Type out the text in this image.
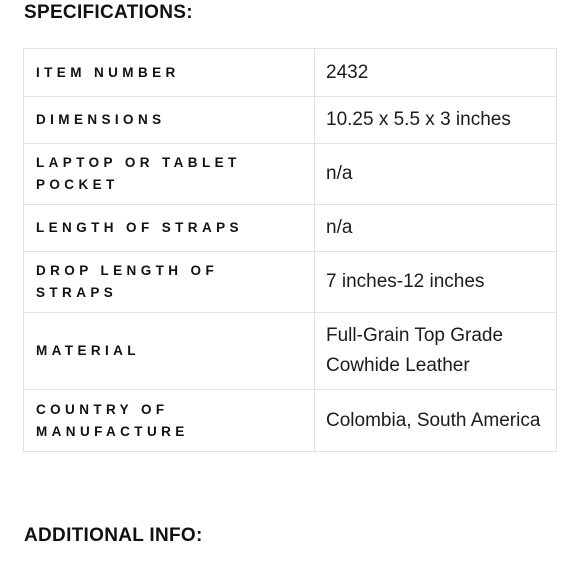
SPECIFICATIONS:
ITEM NUMBER	2432
DIMENSIONS	10.25 x 5.5 x 3 inches
LAPTOP OR TABLET POCKET	n/a
LENGTH OF STRAPS	n/a
DROP LENGTH OF STRAPS	7 inches-12 inches
MATERIAL	Full-Grain Top Grade Cowhide Leather
COUNTRY OF MANUFACTURE	Colombia, South America
ADDITIONAL INFO:
